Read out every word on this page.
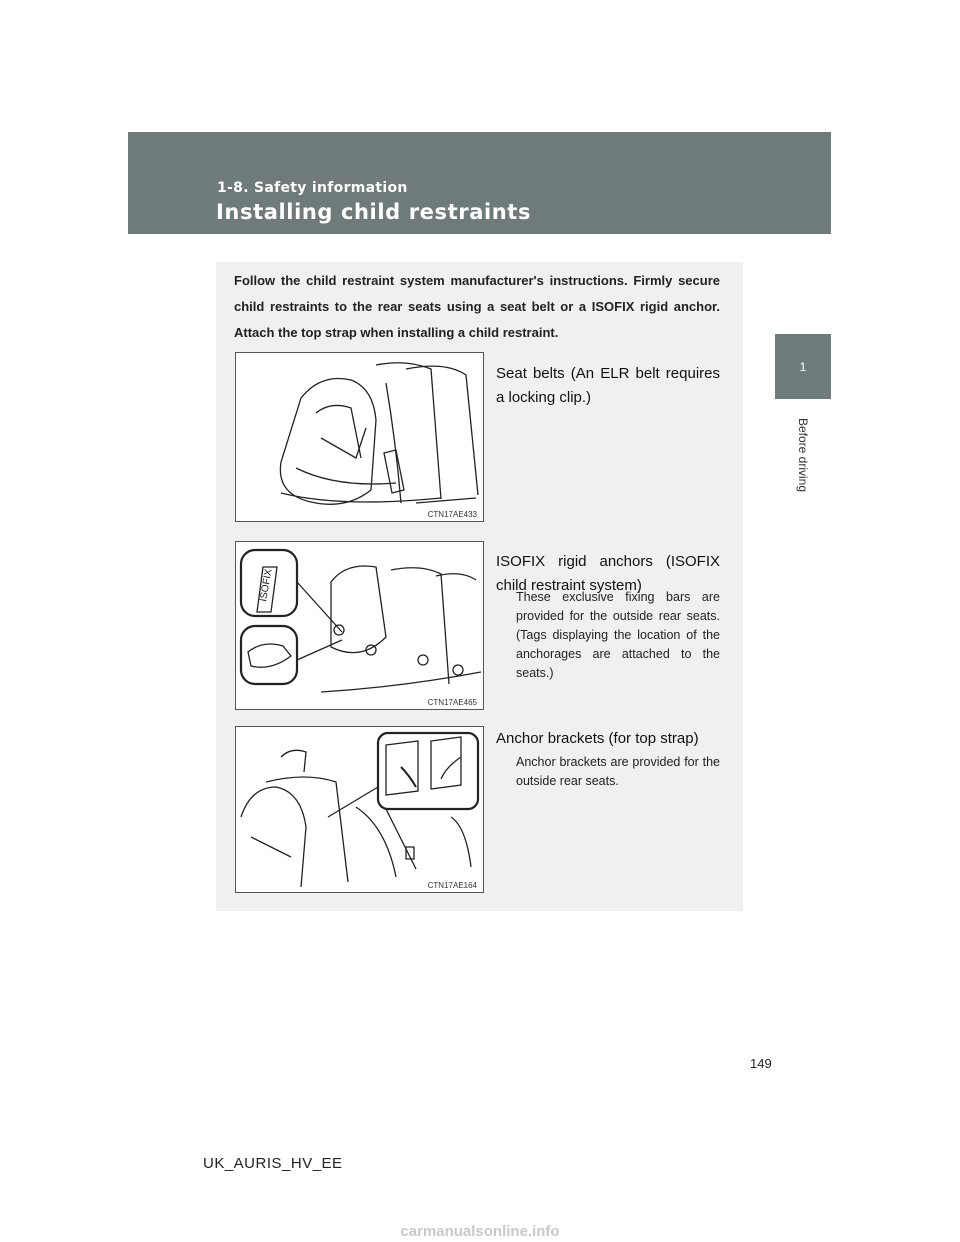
1-8. Safety information
Installing child restraints
1
Before driving
Follow the child restraint system manufacturer's instructions. Firmly secure child restraints to the rear seats using a seat belt or a ISOFIX rigid anchor. Attach the top strap when installing a child restraint.
CTN17AE433
Seat belts (An ELR belt requires a locking clip.)
ISOFIX
CTN17AE465
ISOFIX rigid anchors (ISOFIX child restraint system)
These exclusive fixing bars are provided for the outside rear seats. (Tags displaying the location of the anchorages are attached to the seats.)
CTN17AE164
Anchor brackets (for top strap)
Anchor brackets are provided for the outside rear seats.
149
UK_AURIS_HV_EE
carmanualsonline.info
